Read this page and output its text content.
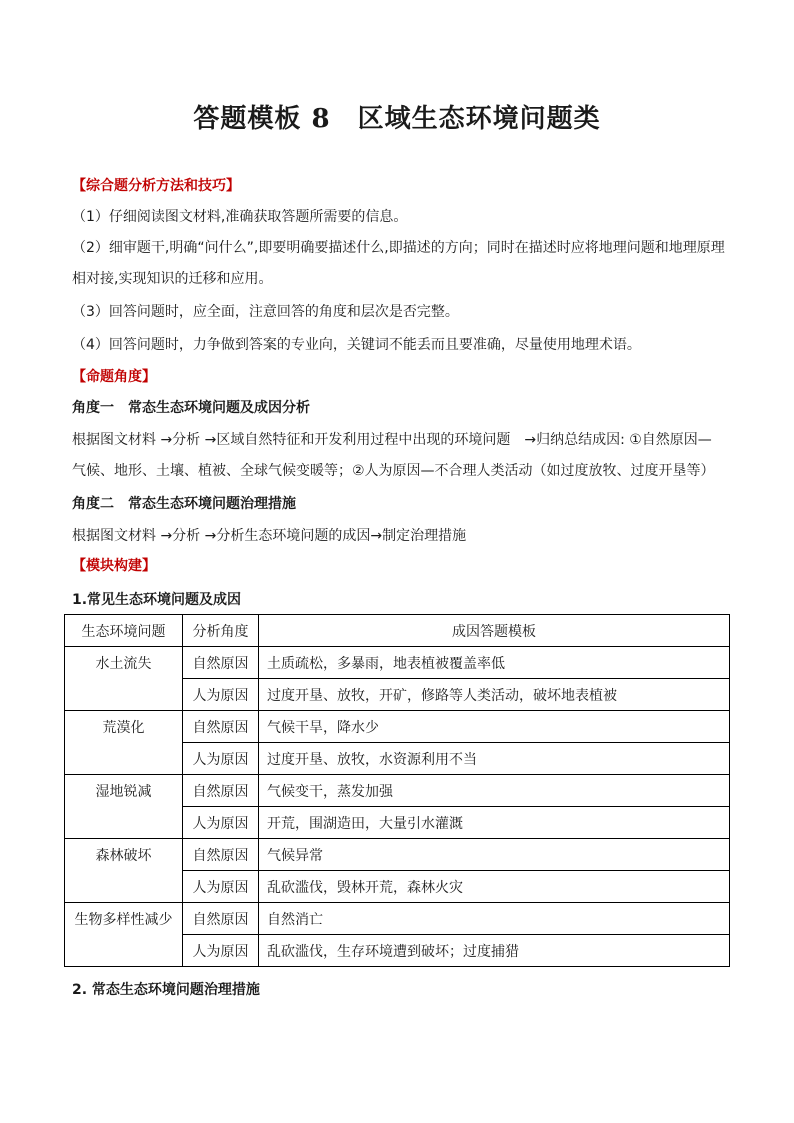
答题模板 8　区域生态环境问题类
【综合题分析方法和技巧】
（1）仔细阅读图文材料,准确获取答题所需要的信息。
（2）细审题干,明确“问什么”,即要明确要描述什么,即描述的方向；同时在描述时应将地理问题和地理原理
相对接,实现知识的迁移和应用。
（3）回答问题时，应全面，注意回答的角度和层次是否完整。
（4）回答问题时，力争做到答案的专业向，关键词不能丢而且要准确，尽量使用地理术语。
【命题角度】
角度一　常态生态环境问题及成因分析
根据图文材料 →分析 →区域自然特征和开发利用过程中出现的环境问题　→归纳总结成因: ①自然原因—
气候、地形、土壤、植被、全球气候变暖等；②人为原因—不合理人类活动（如过度放牧、过度开垦等）
角度二　常态生态环境问题治理措施
根据图文材料 →分析 →分析生态环境问题的成因→制定治理措施
【模块构建】
1.常见生态环境问题及成因
生态环境问题	分析角度	成因答题模板
水土流失	自然原因	土质疏松，多暴雨，地表植被覆盖率低
	人为原因	过度开垦、放牧，开矿，修路等人类活动，破坏地表植被
荒漠化	自然原因	气候干旱，降水少
	人为原因	过度开垦、放牧，水资源利用不当
湿地锐减	自然原因	气候变干，蒸发加强
	人为原因	开荒，围湖造田，大量引水灌溉
森林破坏	自然原因	气候异常
	人为原因	乱砍滥伐，毁林开荒，森林火灾
生物多样性减少	自然原因	自然消亡
	人为原因	乱砍滥伐，生存环境遭到破坏；过度捕猎
2. 常态生态环境问题治理措施
